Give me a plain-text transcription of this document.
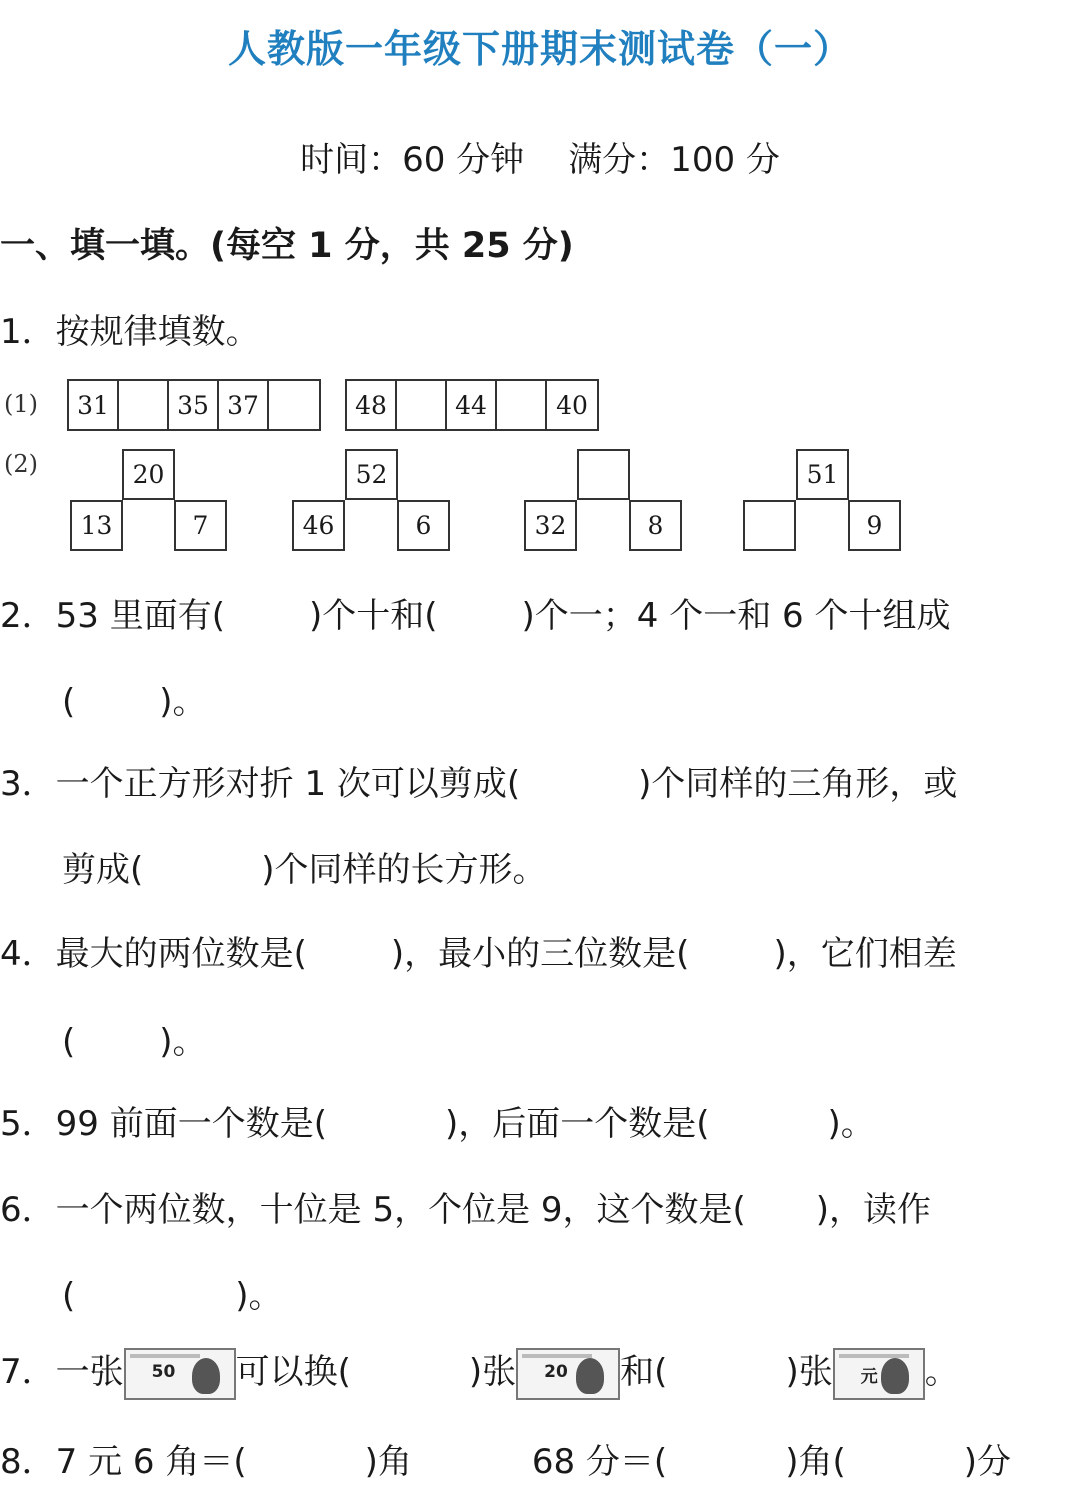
人教版一年级下册期末测试卷（一）
时间：60 分钟 满分：100 分
一、填一填。(每空 1 分，共 25 分)
1．按规律填数。
(1)	31	35 37	48	44	40
(2)	20
13	7
52
46	6	32	8
51
9
2．53 里面有( )个十和( )个一；4 个一和 6 个十组成
( )。
3．一个正方形对折 1 次可以剪成(	)个同样的三角形，或
剪成(	)个同样的长方形。
4．最大的两位数是( )，最小的三位数是( )，它们相差
( )。
5．99 前面一个数是(	)，后面一个数是(	)。
6．一个两位数，十位是 5，个位是 9，这个数是( )，读作
(	)。
7．一张 50 可以换(	)张 20 和(	)张 元 。
8．7 元 6 角＝(	)角	68 分＝(	)角(	)分
